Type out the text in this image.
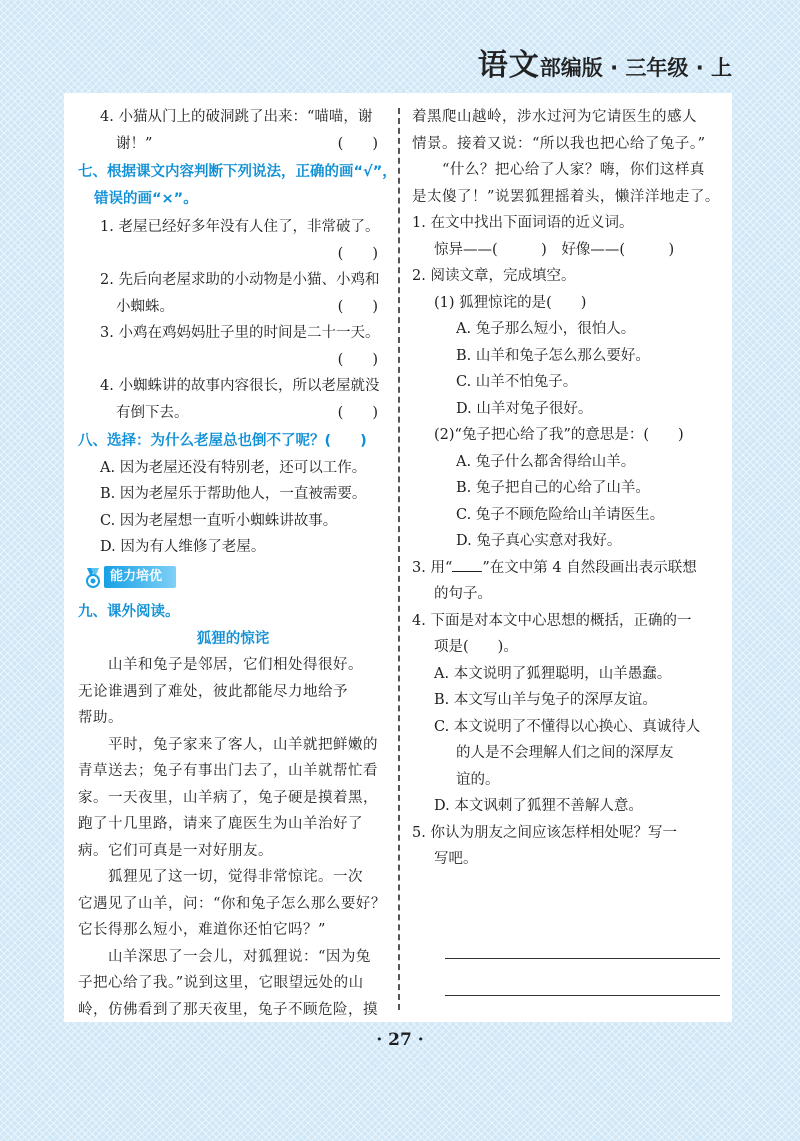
语文部编版 · 三年级 · 上
4. 小猫从门上的破洞跳了出来：“喵喵，谢
谢！”	(　　)
七、根据课文内容判断下列说法，正确的画“√”，
错误的画“×”。
1. 老屋已经好多年没有人住了，非常破了。

(　　)
2. 先后向老屋求助的小动物是小猫、小鸡和
小蜘蛛。	(　　)
3. 小鸡在鸡妈妈肚子里的时间是二十一天。

(　　)
4. 小蜘蛛讲的故事内容很长，所以老屋就没
有倒下去。	(　　)
八、选择：为什么老屋总也倒不了呢？(　　)
A. 因为老屋还没有特别老，还可以工作。
B. 因为老屋乐于帮助他人，一直被需要。
C. 因为老屋想一直听小蜘蛛讲故事。
D. 因为有人维修了老屋。
能力培优
九、课外阅读。
狐狸的惊诧
山羊和兔子是邻居，它们相处得很好。
无论谁遇到了难处，彼此都能尽力地给予
帮助。
平时，兔子家来了客人，山羊就把鲜嫩的
青草送去；兔子有事出门去了，山羊就帮忙看
家。一天夜里，山羊病了，兔子硬是摸着黑，
跑了十几里路，请来了鹿医生为山羊治好了
病。它们可真是一对好朋友。
狐狸见了这一切，觉得非常惊诧。一次
它遇见了山羊，问：“你和兔子怎么那么要好？
它长得那么短小，难道你还怕它吗？”
山羊深思了一会儿，对狐狸说：“因为兔
子把心给了我。”说到这里，它眼望远处的山
岭，仿佛看到了那天夜里，兔子不顾危险，摸
着黑爬山越岭，涉水过河为它请医生的感人
情景。接着又说：“所以我也把心给了兔子。”
“什么？把心给了人家？嗨，你们这样真
是太傻了！”说罢狐狸摇着头，懒洋洋地走了。
1. 在文中找出下面词语的近义词。
惊异——(　　　)　好像——(　　　)
2. 阅读文章，完成填空。
(1) 狐狸惊诧的是(　　)
A. 兔子那么短小，很怕人。
B. 山羊和兔子怎么那么要好。
C. 山羊不怕兔子。
D. 山羊对兔子很好。
(2)“兔子把心给了我”的意思是：(　　)
A. 兔子什么都舍得给山羊。
B. 兔子把自己的心给了山羊。
C. 兔子不顾危险给山羊请医生。
D. 兔子真心实意对我好。
3. 用“ ”在文中第 4 自然段画出表示联想
的句子。
4. 下面是对本文中心思想的概括，正确的一
项是(　　)。
A. 本文说明了狐狸聪明，山羊愚蠢。
B. 本文写山羊与兔子的深厚友谊。
C. 本文说明了不懂得以心换心、真诚待人
的人是不会理解人们之间的深厚友
谊的。
D. 本文讽刺了狐狸不善解人意。
5. 你认为朋友之间应该怎样相处呢？写一
写吧。
· 27 ·
